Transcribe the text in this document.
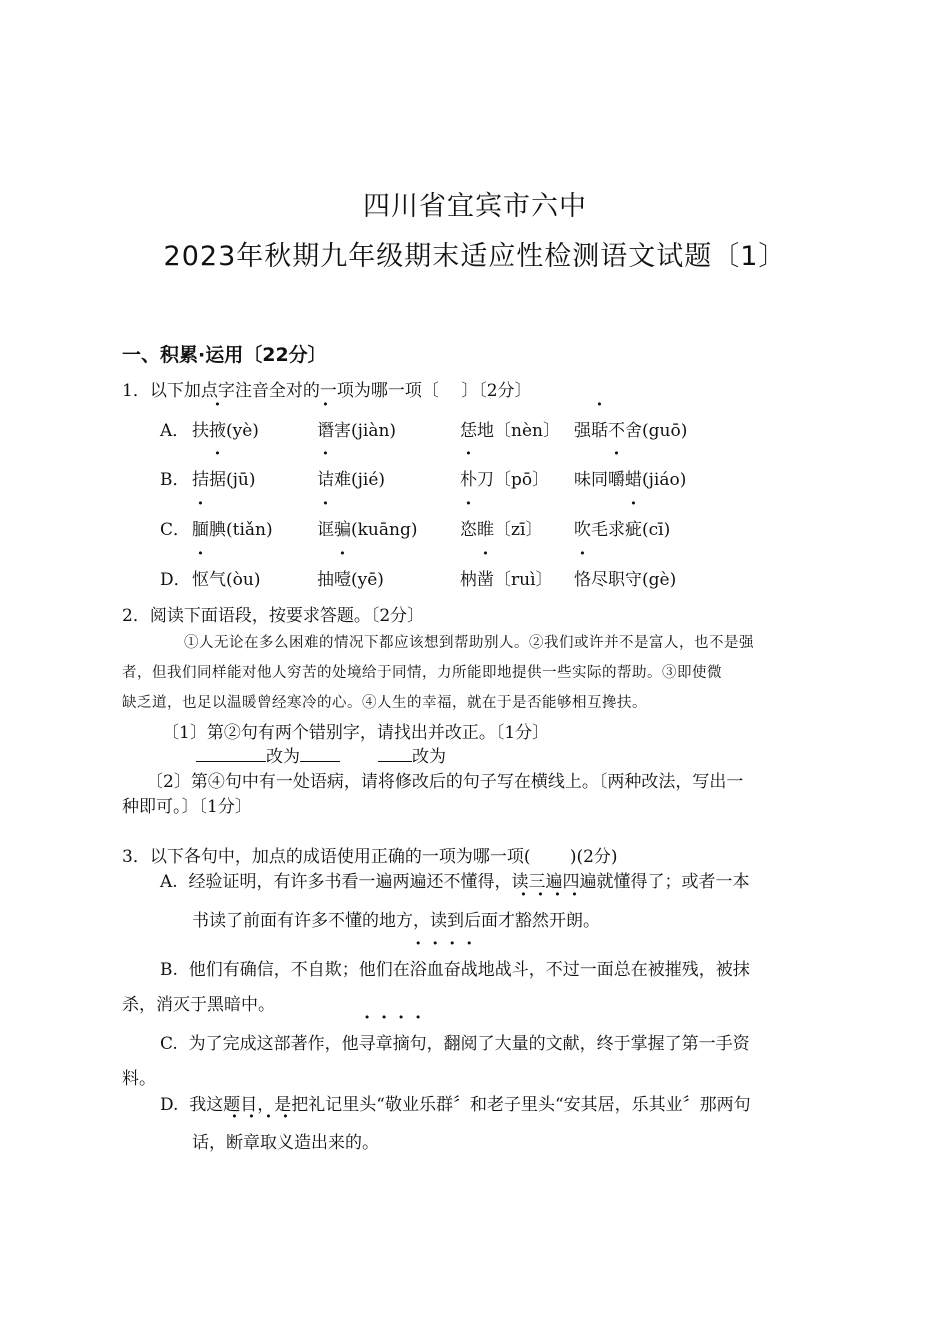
四川省宜宾市六中
2023年秋期九年级期末适应性检测语文试题〔1〕
一、积累·运用〔22分〕
1．以下加点字注音全对的一项为哪一项〔　 〕〔2分〕
A． 扶掖(yè)	谮害(jiàn)	恁地〔nèn〕 强聒不舍(guō)
B． 拮据(jū)	诘难(jié)	朴刀〔pō〕 味同嚼蜡(jiáo)
C． 腼腆(tiǎn)	诓骗(kuāng)	恣睢〔zī〕 吹毛求疵(cī)
D． 怄气(òu)	抽噎(yē)	枘凿〔ruì〕 恪尽职守(gè)
2．阅读下面语段，按要求答题。〔2分〕
①人无论在多么困难的情况下都应该想到帮助别人。②我们或许并不是富人，也不是强
者，但我们同样能对他人穷苦的处境给于同情，力所能即地提供一些实际的帮助。③即使微
缺乏道，也足以温暖曾经寒冷的心。④人生的幸福，就在于是否能够相互搀扶。
〔1〕第②句有两个错别字，请找出并改正。〔1分〕
改为	改为
〔2〕第④句中有一处语病，请将修改后的句子写在横线上。〔两种改法，写出一
种即可。〕〔1分〕
3．以下各句中，加点的成语使用正确的一项为哪一项(　 　)(2分)
A. 经验证明，有许多书看一遍两遍还不懂得，读三遍四遍就懂得了；或者一本
书读了前面有许多不懂的地方，读到后面才豁然开朗。
B. 他们有确信，不自欺；他们在浴血奋战地战斗，不过一面总在被摧残，被抹
杀，消灭于黑暗中。
C. 为了完成这部著作，他寻章摘句，翻阅了大量的文献，终于掌握了第一手资
料。
D. 我这题目，是把礼记里头“敬业乐群〞和老子里头“安其居，乐其业〞那两句
话，断章取义造出来的。
